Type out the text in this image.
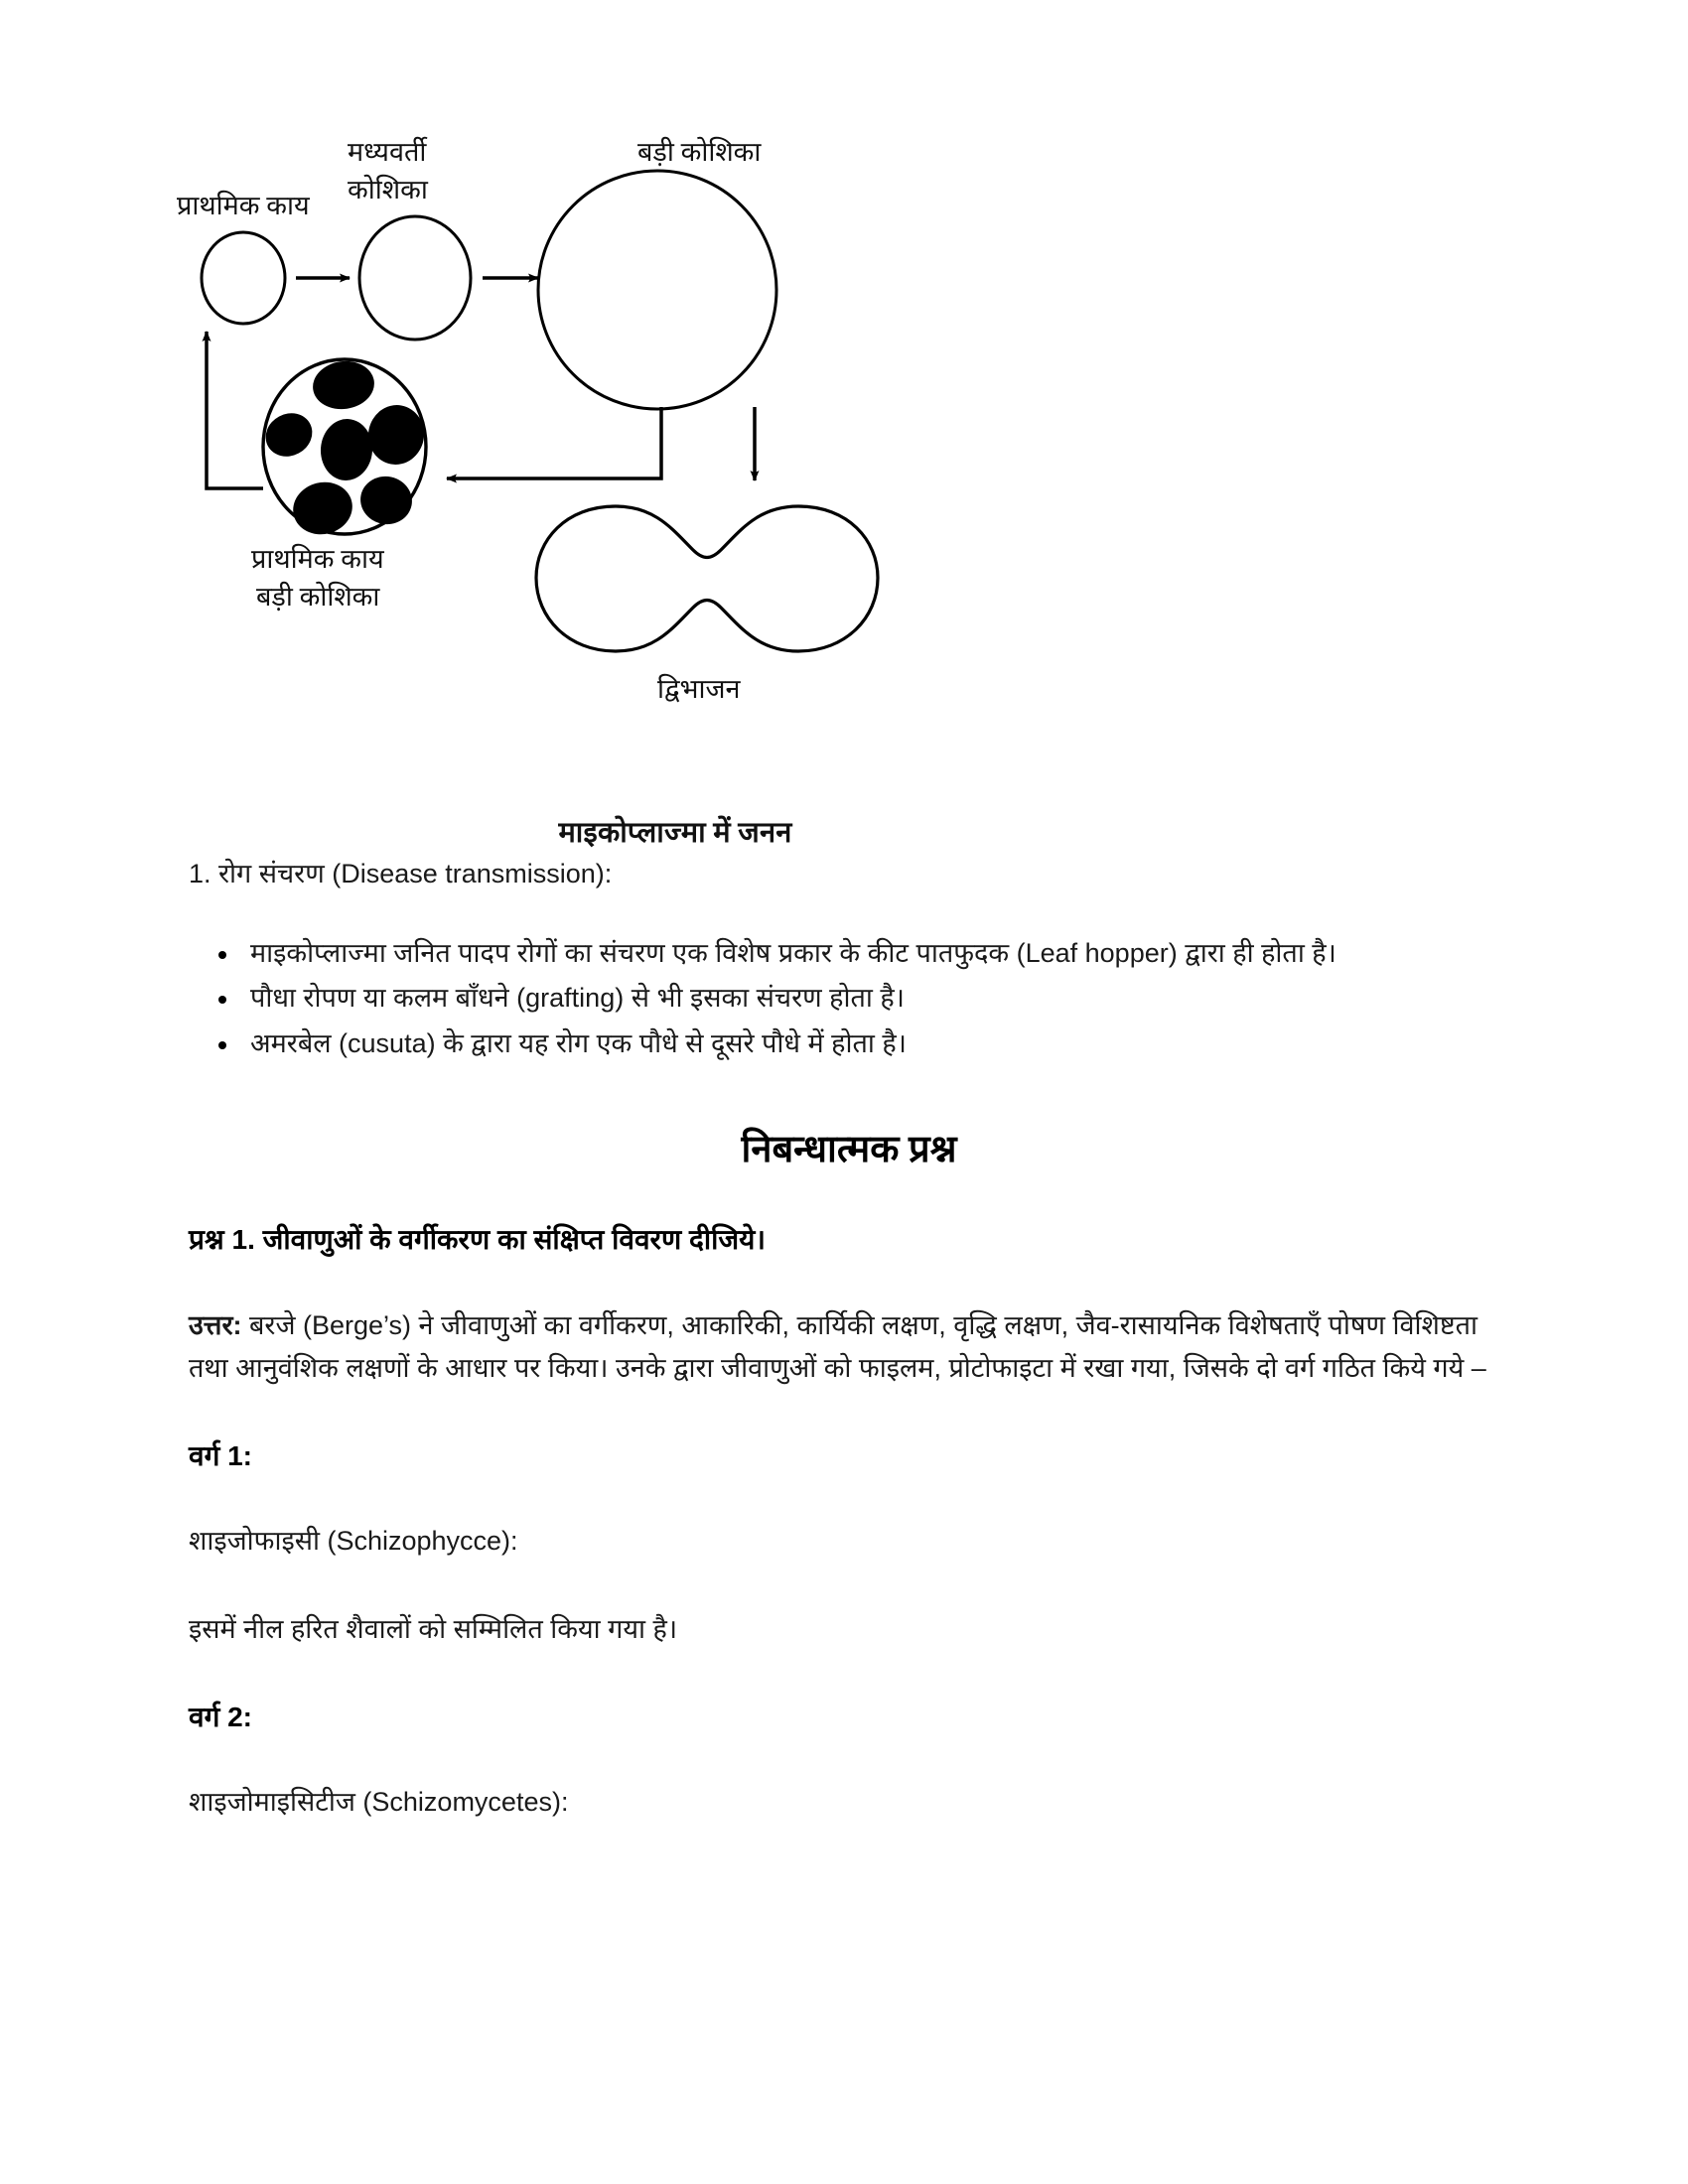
प्राथमिक काय
मध्यवर्ती
कोशिका
बड़ी कोशिका
प्राथमिक काय
बड़ी कोशिका
द्विभाजन
माइकोप्लाज्मा में जनन

1. रोग संचरण (Disease transmission):

माइकोप्लाज्मा जनित पादप रोगों का संचरण एक विशेष प्रकार के कीट पातफुदक (Leaf hopper) द्वारा ही होता है।
पौधा रोपण या कलम बाँधने (grafting) से भी इसका संचरण होता है।
अमरबेल (cusuta) के द्वारा यह रोग एक पौधे से दूसरे पौधे में होता है।
निबन्धात्मक प्रश्न

प्रश्न 1. जीवाणुओं के वर्गीकरण का संक्षिप्त विवरण दीजिये।

उत्तर: बरजे (Berge’s) ने जीवाणुओं का वर्गीकरण, आकारिकी, कार्यिकी लक्षण, वृद्धि लक्षण, जैव-रासायनिक विशेषताएँ पोषण विशिष्टता तथा आनुवंशिक लक्षणों के आधार पर किया। उनके द्वारा जीवाणुओं को फाइलम, प्रोटोफाइटा में रखा गया, जिसके दो वर्ग गठित किये गये –

वर्ग 1:

शाइजोफाइसी (Schizophycce):

इसमें नील हरित शैवालों को सम्मिलित किया गया है।

वर्ग 2:

शाइजोमाइसिटीज (Schizomycetes):
